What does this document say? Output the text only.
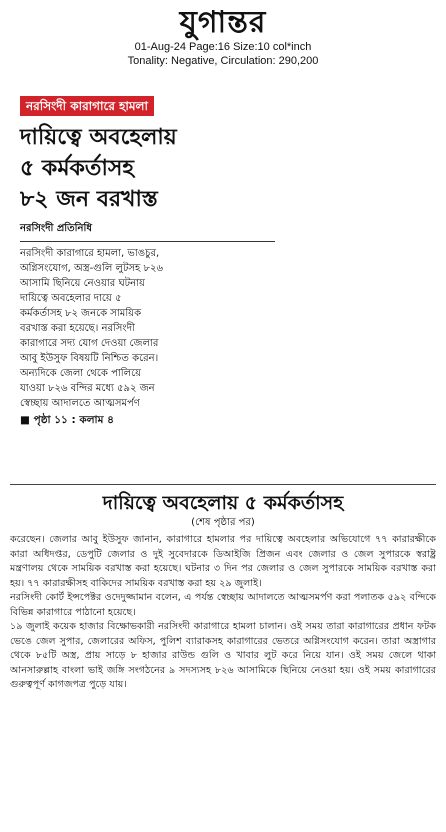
যুগান্তর
01-Aug-24 Page:16 Size:10 col*inch
Tonality: Negative, Circulation: 290,200
নরসিংদী কারাগারে হামলা
দায়িত্বে অবহেলায়
৫ কর্মকর্তাসহ
৮২ জন বরখাস্ত
নরসিংদী প্রতিনিধি
নরসিংদী কারাগারে হামলা, ভাঙচুর,
অগ্নিসংযোগ, অস্ত্র-গুলি লুটসহ ৮২৬
আসামি ছিনিয়ে নেওয়ার ঘটনায়
দায়িত্বে অবহেলার দায়ে ৫
কর্মকর্তাসহ ৮২ জনকে সাময়িক
বরখাস্ত করা হয়েছে। নরসিংদী
কারাগারে সদ্য যোগ দেওয়া জেলার
আবু ইউসুফ বিষয়টি নিশ্চিত করেন।
অন্যদিকে জেলা থেকে পালিয়ে
যাওয়া ৮২৬ বন্দির মধ্যে ৫৯২ জন
স্বেচ্ছায় আদালতে আত্মসমর্পণ
■ পৃষ্ঠা ১১ : কলাম ৪
দায়িত্বে অবহেলায় ৫ কর্মকর্তাসহ
(শেষ পৃষ্ঠার পর)

করেছেন। জেলার আবু ইউসুফ জানান, কারাগারে হামলার পর দায়িত্বে অবহেলার অভিযোগে ৭৭ কারারক্ষীকে কারা অধিদপ্তর, ডেপুটি জেলার ও দুই সুবেদারকে ডিআইজি প্রিজন এবং জেলার ও জেল সুপারকে স্বরাষ্ট্র মন্ত্রণালয় থেকে সাময়িক বরখাস্ত করা হয়েছে। ঘটনার ৩ দিন পর জেলার ও জেল সুপারকে সাময়িক বরখাস্ত করা হয়। ৭৭ কারারক্ষীসহ বাকিদের সাময়িক বরখাস্ত করা হয় ২৯ জুলাই।

নরসিংদী কোর্ট ইন্সপেক্টর ওদেদুজ্জামান বলেন, এ পর্যন্ত স্বেচ্ছায় আদালতে আত্মসমর্পণ করা পলাতক ৫৯২ বন্দিকে বিভিন্ন কারাগারে পাঠানো হয়েছে।

১৯ জুলাই কয়েক হাজার বিক্ষোভকারী নরসিংদী কারাগারে হামলা চালান। ওই সময় তারা কারাগারের প্রধান ফটক ভেঙে জেল সুপার, জেলারের অফিস, পুলিশ ব্যারাকসহ কারাগারের ভেতরে অগ্নিসংযোগ করেন। তারা অস্ত্রাগার থেকে ৮৫টি অস্ত্র, প্রায় সাড়ে ৮ হাজার রাউন্ড গুলি ও খাবার লুট করে নিয়ে যান। ওই সময় জেলে থাকা আনসারুল্লাহ বাংলা ভাই জঙ্গি সংগঠনের ৯ সদস্যসহ ৮২৬ আসামিকে ছিনিয়ে নেওয়া হয়। ওই সময় কারাগারের গুরুত্বপূর্ণ কাগজপত্র পুড়ে যায়।
